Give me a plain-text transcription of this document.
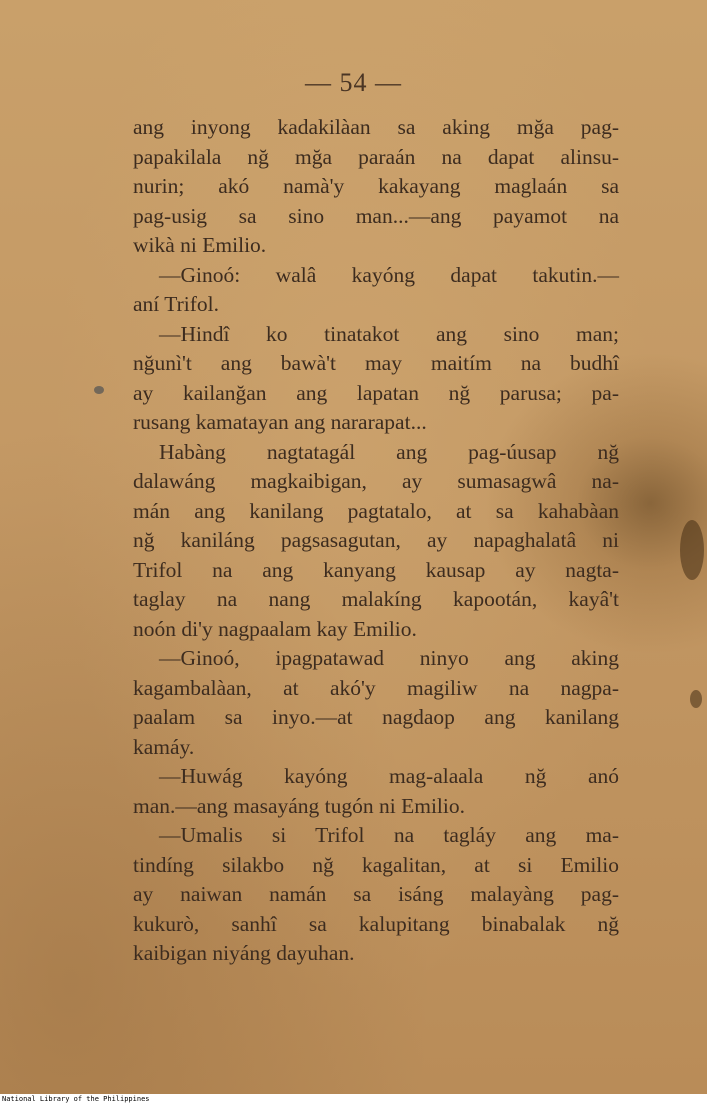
— 54 —
ang inyong kadakilàan sa aking mğa pag-
papakilala nğ mğa paraán na dapat alinsu-
nurin; akó namà'y kakayang maglaán sa
pag-usig sa sino man...—ang payamot na
wikà ni Emilio.
—Ginoó: walâ kayóng dapat takutin.—
aní Trifol.
—Hindî ko tinatakot ang sino man;
nğunì't ang bawà't may maitím na budhî
ay kailanğan ang lapatan nğ parusa; pa-
rusang kamatayan ang nararapat...
Habàng nagtatagál ang pag-úusap nğ
dalawáng magkaibigan, ay sumasagwâ na-
mán ang kanilang pagtatalo, at sa kahabàan
nğ kaniláng pagsasagutan, ay napaghalatâ ni
Trifol na ang kanyang kausap ay nagta-
taglay na nang malakíng kapootán, kayâ't
noón di'y nagpaalam kay Emilio.
—Ginoó, ipagpatawad ninyo ang aking
kagambalàan, at akó'y magiliw na nagpa-
paalam sa inyo.—at nagdaop ang kanilang
kamáy.
—Huwág kayóng mag-alaala nğ anó
man.—ang masayáng tugón ni Emilio.
—Umalis si Trifol na tagláy ang ma-
tindíng silakbo nğ kagalitan, at si Emilio
ay naiwan namán sa isáng malayàng pag-
kukurò, sanhî sa kalupitang binabalak nğ
kaibigan niyáng dayuhan.
National Library of the Philippines
